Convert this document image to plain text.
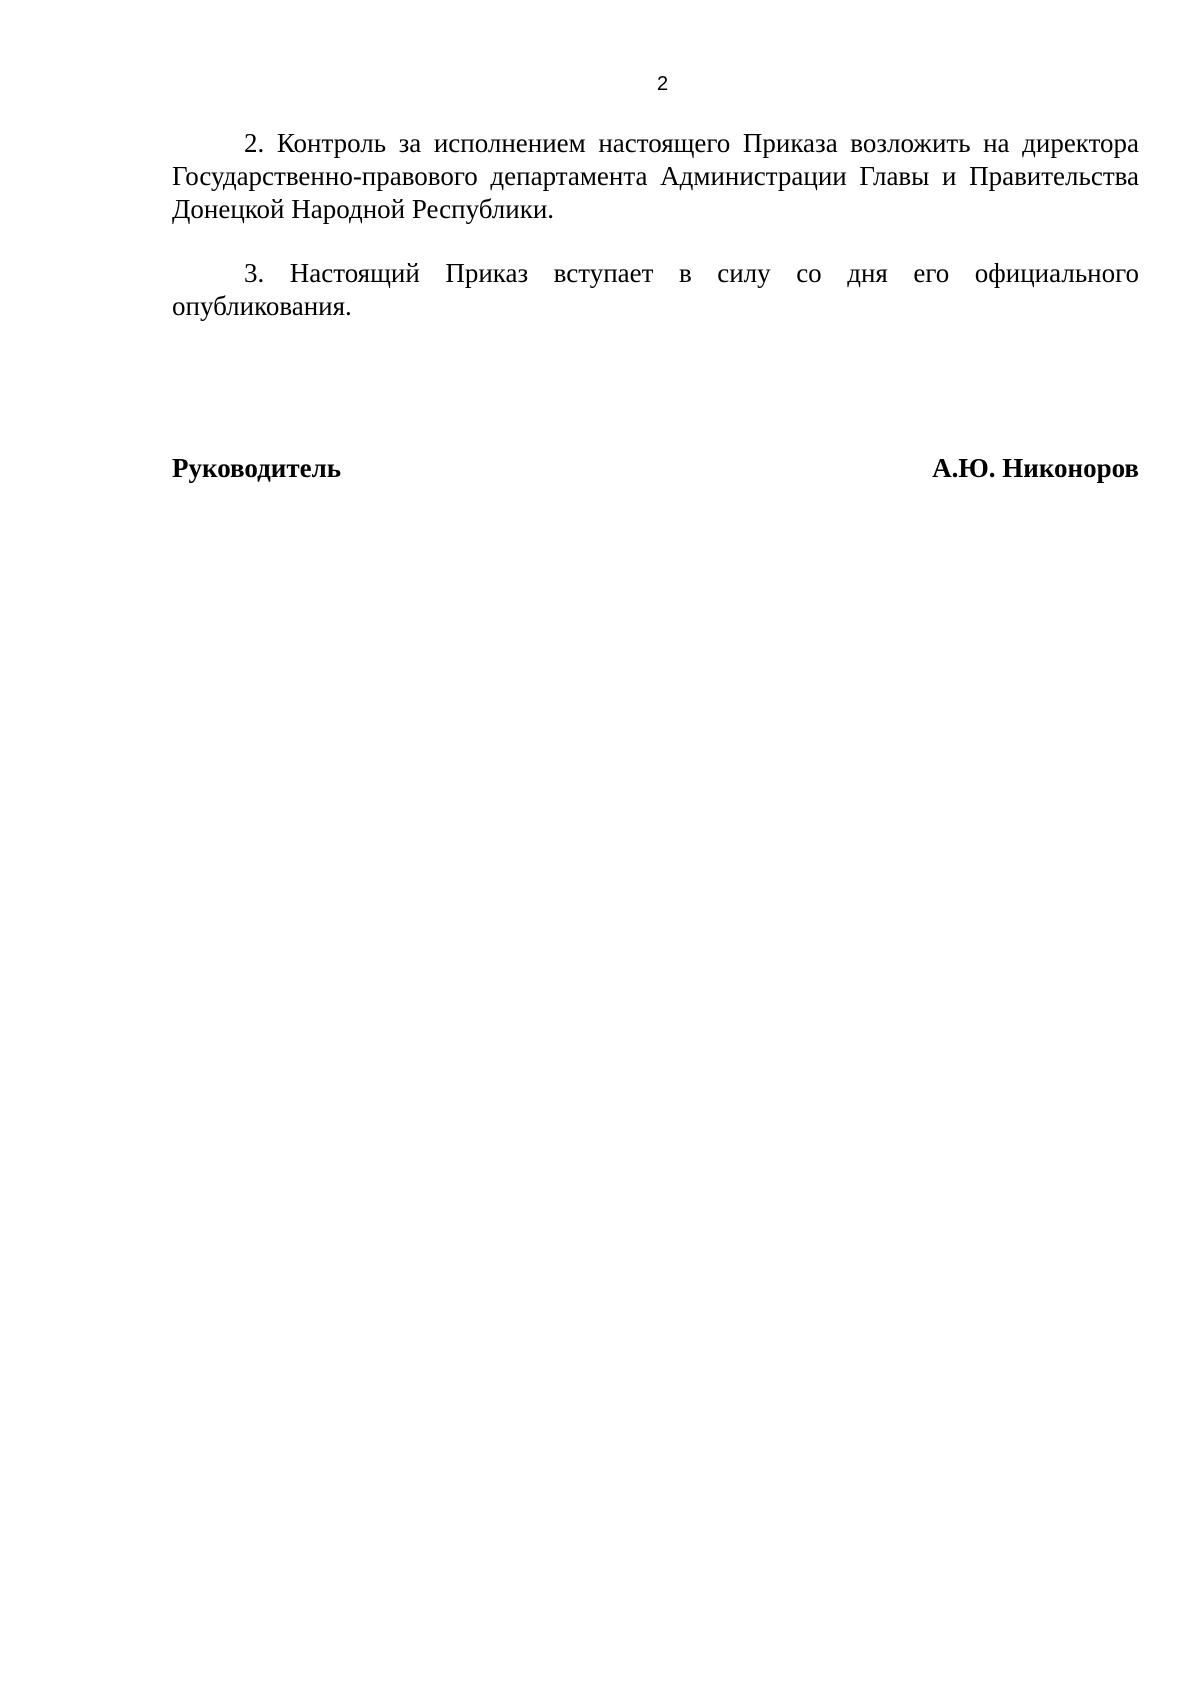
2

2. Контроль за исполнением настоящего Приказа возложить на директора Государственно-правового департамента Администрации Главы и Правительства Донецкой Народной Республики.

3. Настоящий Приказ вступает в силу со дня его официального опубликования.

Руководитель	А.Ю. Никоноров
